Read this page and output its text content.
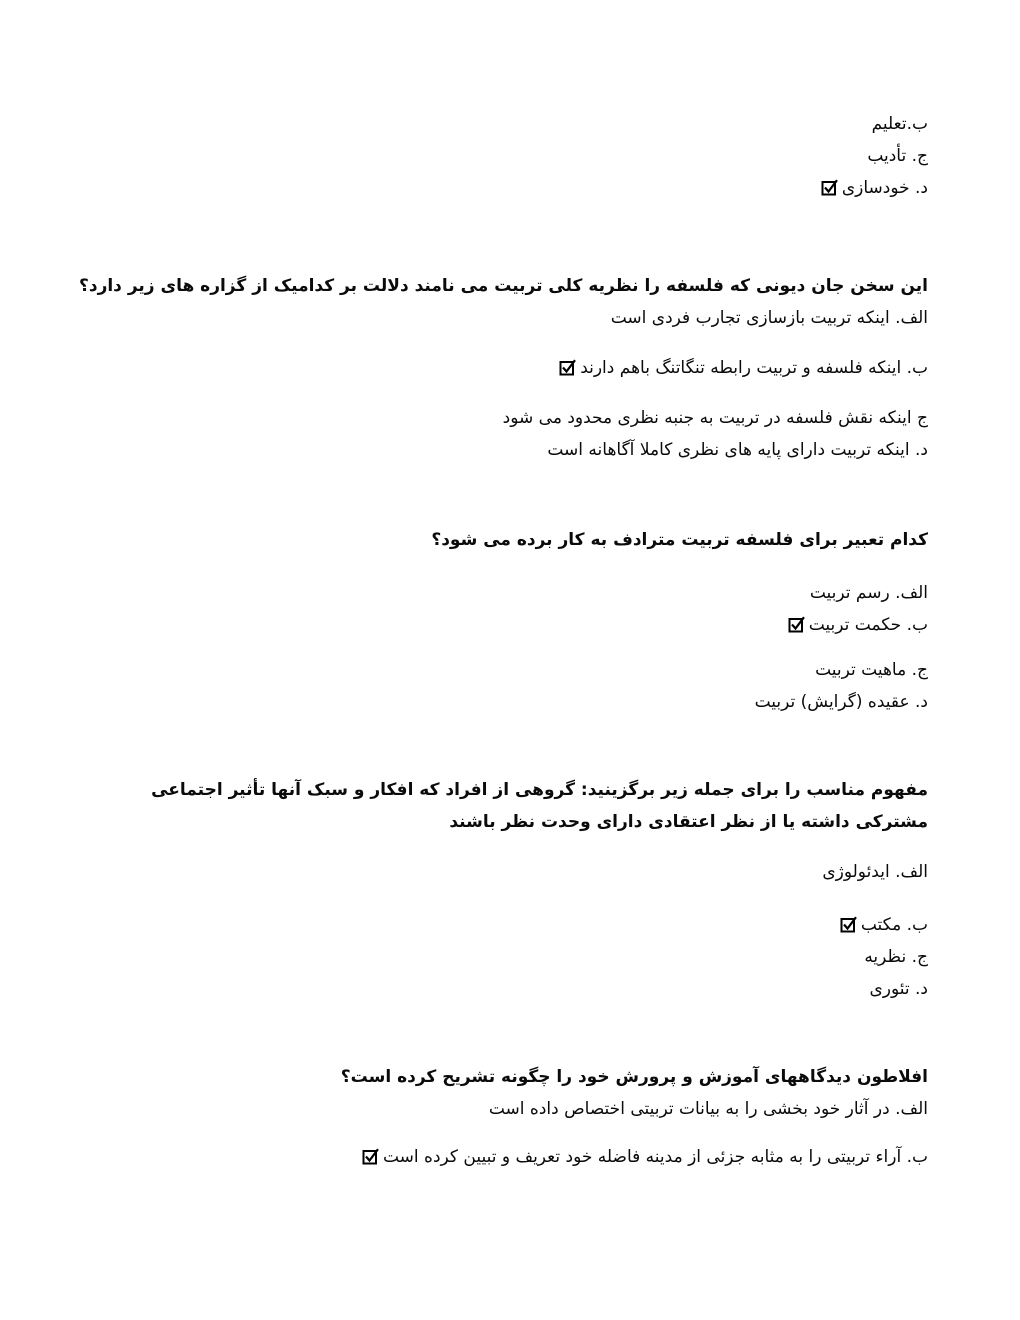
ب.تعلیم
ج. تأدیب
د. خودسازی
این سخن جان دیونی که فلسفه را نظریه کلی تربیت می نامند دلالت بر کدامیک از گزاره های زیر دارد؟
الف. اینکه تربیت بازسازی تجارب فردی است
ب. اینکه فلسفه و تربیت رابطه تنگاتنگ باهم دارند
ج اینکه نقش فلسفه در تربیت به جنبه نظری محدود می شود
د. اینکه تربیت دارای پایه های نظری کاملا آگاهانه است
کدام تعبیر برای فلسفه تربیت مترادف به کار برده می شود؟
الف. رسم تربیت
ب. حکمت تربیت
ج. ماهیت تربیت
د. عقیده (گرایش) تربیت
مفهوم مناسب را برای جمله زیر برگزینید: گروهی از افراد که افکار و سبک آنها تأثیر اجتماعی مشترکی داشته یا از نظر اعتقادی دارای وحدت نظر باشند
الف. ایدئولوژی
ب. مکتب
ج. نظریه
د. تئوری
افلاطون دیدگاههای آموزش و پرورش خود را چگونه تشریح کرده است؟
الف. در آثار خود بخشی را به بیانات تربیتی اختصاص داده است
ب. آراء تربیتی را به مثابه جزئی از مدینه فاضله خود تعریف و تبیین کرده است
